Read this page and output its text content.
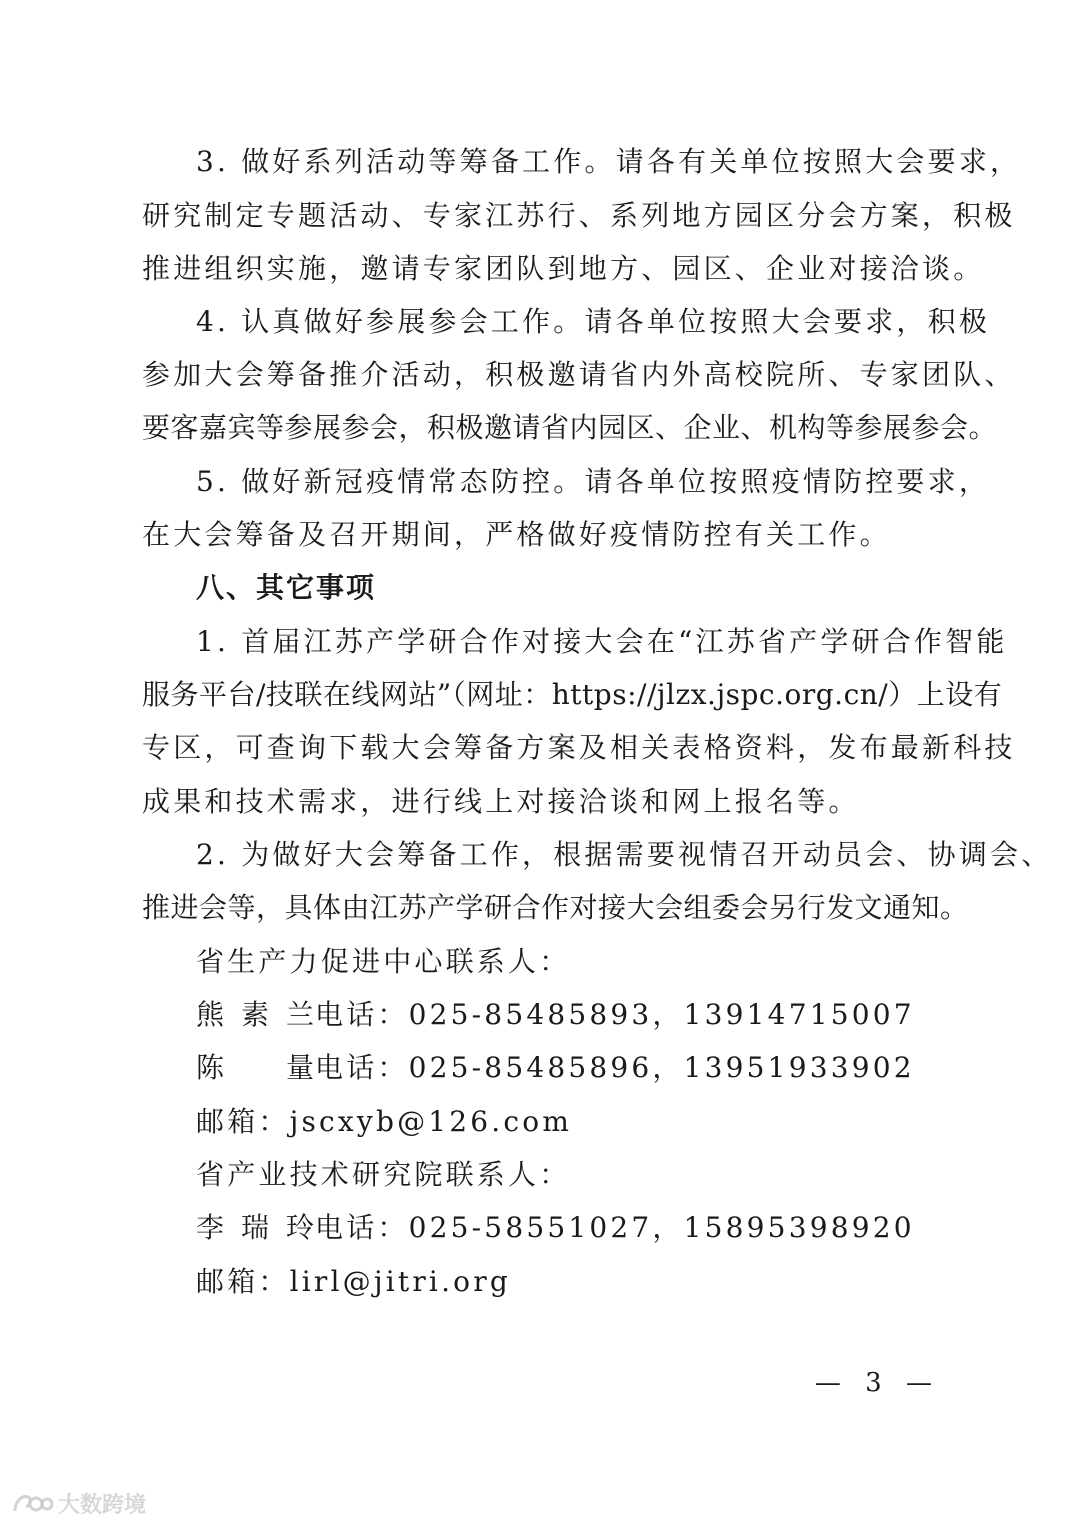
3. 做好系列活动等筹备工作。请各有关单位按照大会要求，
研究制定专题活动、专家江苏行、系列地方园区分会方案，积极
推进组织实施，邀请专家团队到地方、园区、企业对接洽谈。
4. 认真做好参展参会工作。请各单位按照大会要求，积极
参加大会筹备推介活动，积极邀请省内外高校院所、专家团队、
要客嘉宾等参展参会，积极邀请省内园区、企业、机构等参展参会。
5. 做好新冠疫情常态防控。请各单位按照疫情防控要求，
在大会筹备及召开期间，严格做好疫情防控有关工作。
八、其它事项
1. 首届江苏产学研合作对接大会在“江苏省产学研合作智能
服务平台/技联在线网站”（网址：https://jlzx.jspc.org.cn/）上设有
专区，可查询下载大会筹备方案及相关表格资料，发布最新科技
成果和技术需求，进行线上对接洽谈和网上报名等。
2. 为做好大会筹备工作，根据需要视情召开动员会、协调会、
推进会等，具体由江苏产学研合作对接大会组委会另行发文通知。
省生产力促进中心联系人：
熊素兰电话：025-85485893，13914715007
陈　量电话：025-85485896，13951933902
邮箱：jscxyb@126.com
省产业技术研究院联系人：
李瑞玲电话：025-58551027，15895398920
邮箱：lirl@jitri.org
— 3 —
大数跨境
